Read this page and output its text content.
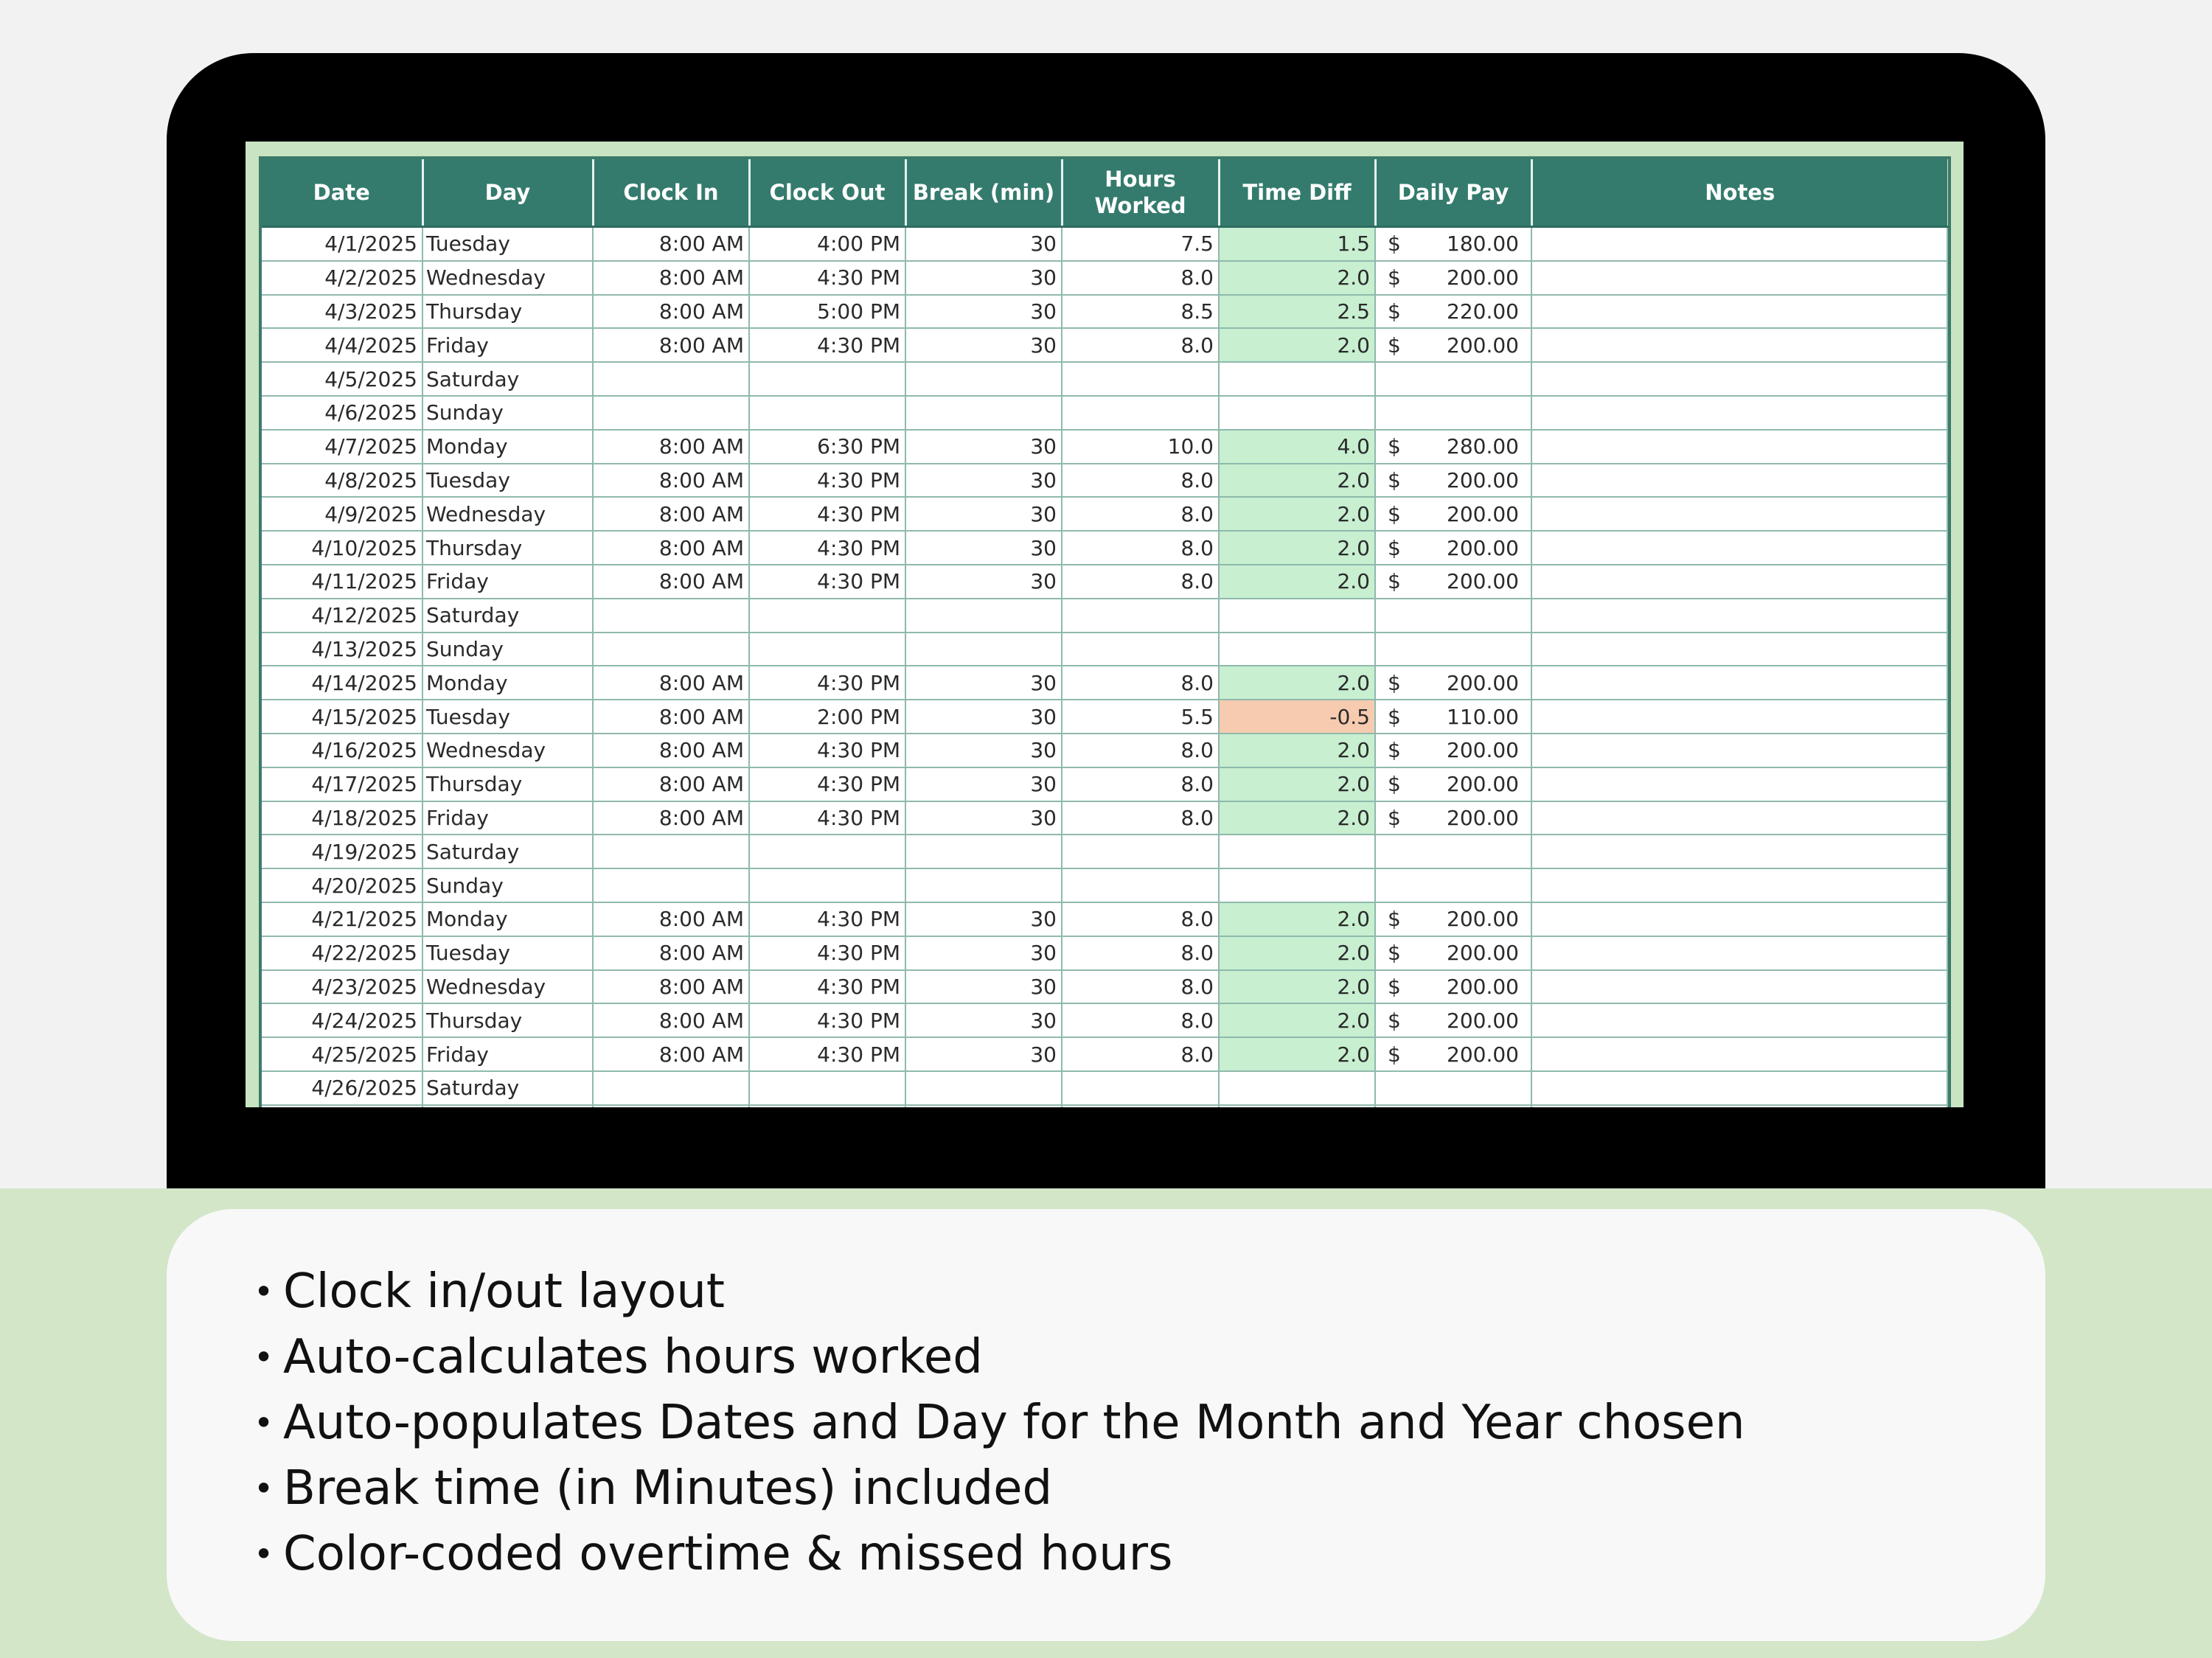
Date	Day	Clock In	Clock Out	Break (min)	Hours Worked	Time Diff	Daily Pay	Notes
4/1/2025	Tuesday	8:00 AM	4:00 PM	30	7.5	1.5	$ 180.00	

4/2/2025	Wednesday	8:00 AM	4:30 PM	30	8.0	2.0	$ 200.00	

4/3/2025	Thursday	8:00 AM	5:00 PM	30	8.5	2.5	$ 220.00	

4/4/2025	Friday	8:00 AM	4:30 PM	30	8.0	2.0	$ 200.00	

4/5/2025	Saturday							
4/6/2025	Sunday							
4/7/2025	Monday	8:00 AM	6:30 PM	30	10.0	4.0	$ 280.00	

4/8/2025	Tuesday	8:00 AM	4:30 PM	30	8.0	2.0	$ 200.00	

4/9/2025	Wednesday	8:00 AM	4:30 PM	30	8.0	2.0	$ 200.00	

4/10/2025	Thursday	8:00 AM	4:30 PM	30	8.0	2.0	$ 200.00	

4/11/2025	Friday	8:00 AM	4:30 PM	30	8.0	2.0	$ 200.00	

4/12/2025	Saturday							
4/13/2025	Sunday							
4/14/2025	Monday	8:00 AM	4:30 PM	30	8.0	2.0	$ 200.00	

4/15/2025	Tuesday	8:00 AM	2:00 PM	30	5.5	-0.5	$ 110.00	

4/16/2025	Wednesday	8:00 AM	4:30 PM	30	8.0	2.0	$ 200.00	

4/17/2025	Thursday	8:00 AM	4:30 PM	30	8.0	2.0	$ 200.00	

4/18/2025	Friday	8:00 AM	4:30 PM	30	8.0	2.0	$ 200.00	

4/19/2025	Saturday							
4/20/2025	Sunday							
4/21/2025	Monday	8:00 AM	4:30 PM	30	8.0	2.0	$ 200.00	

4/22/2025	Tuesday	8:00 AM	4:30 PM	30	8.0	2.0	$ 200.00	

4/23/2025	Wednesday	8:00 AM	4:30 PM	30	8.0	2.0	$ 200.00	

4/24/2025	Thursday	8:00 AM	4:30 PM	30	8.0	2.0	$ 200.00	

4/25/2025	Friday	8:00 AM	4:30 PM	30	8.0	2.0	$ 200.00	

4/26/2025	Saturday							

• Clock in/out layout
• Auto-calculates hours worked
• Auto-populates Dates and Day for the Month and Year chosen
• Break time (in Minutes) included
• Color-coded overtime & missed hours
